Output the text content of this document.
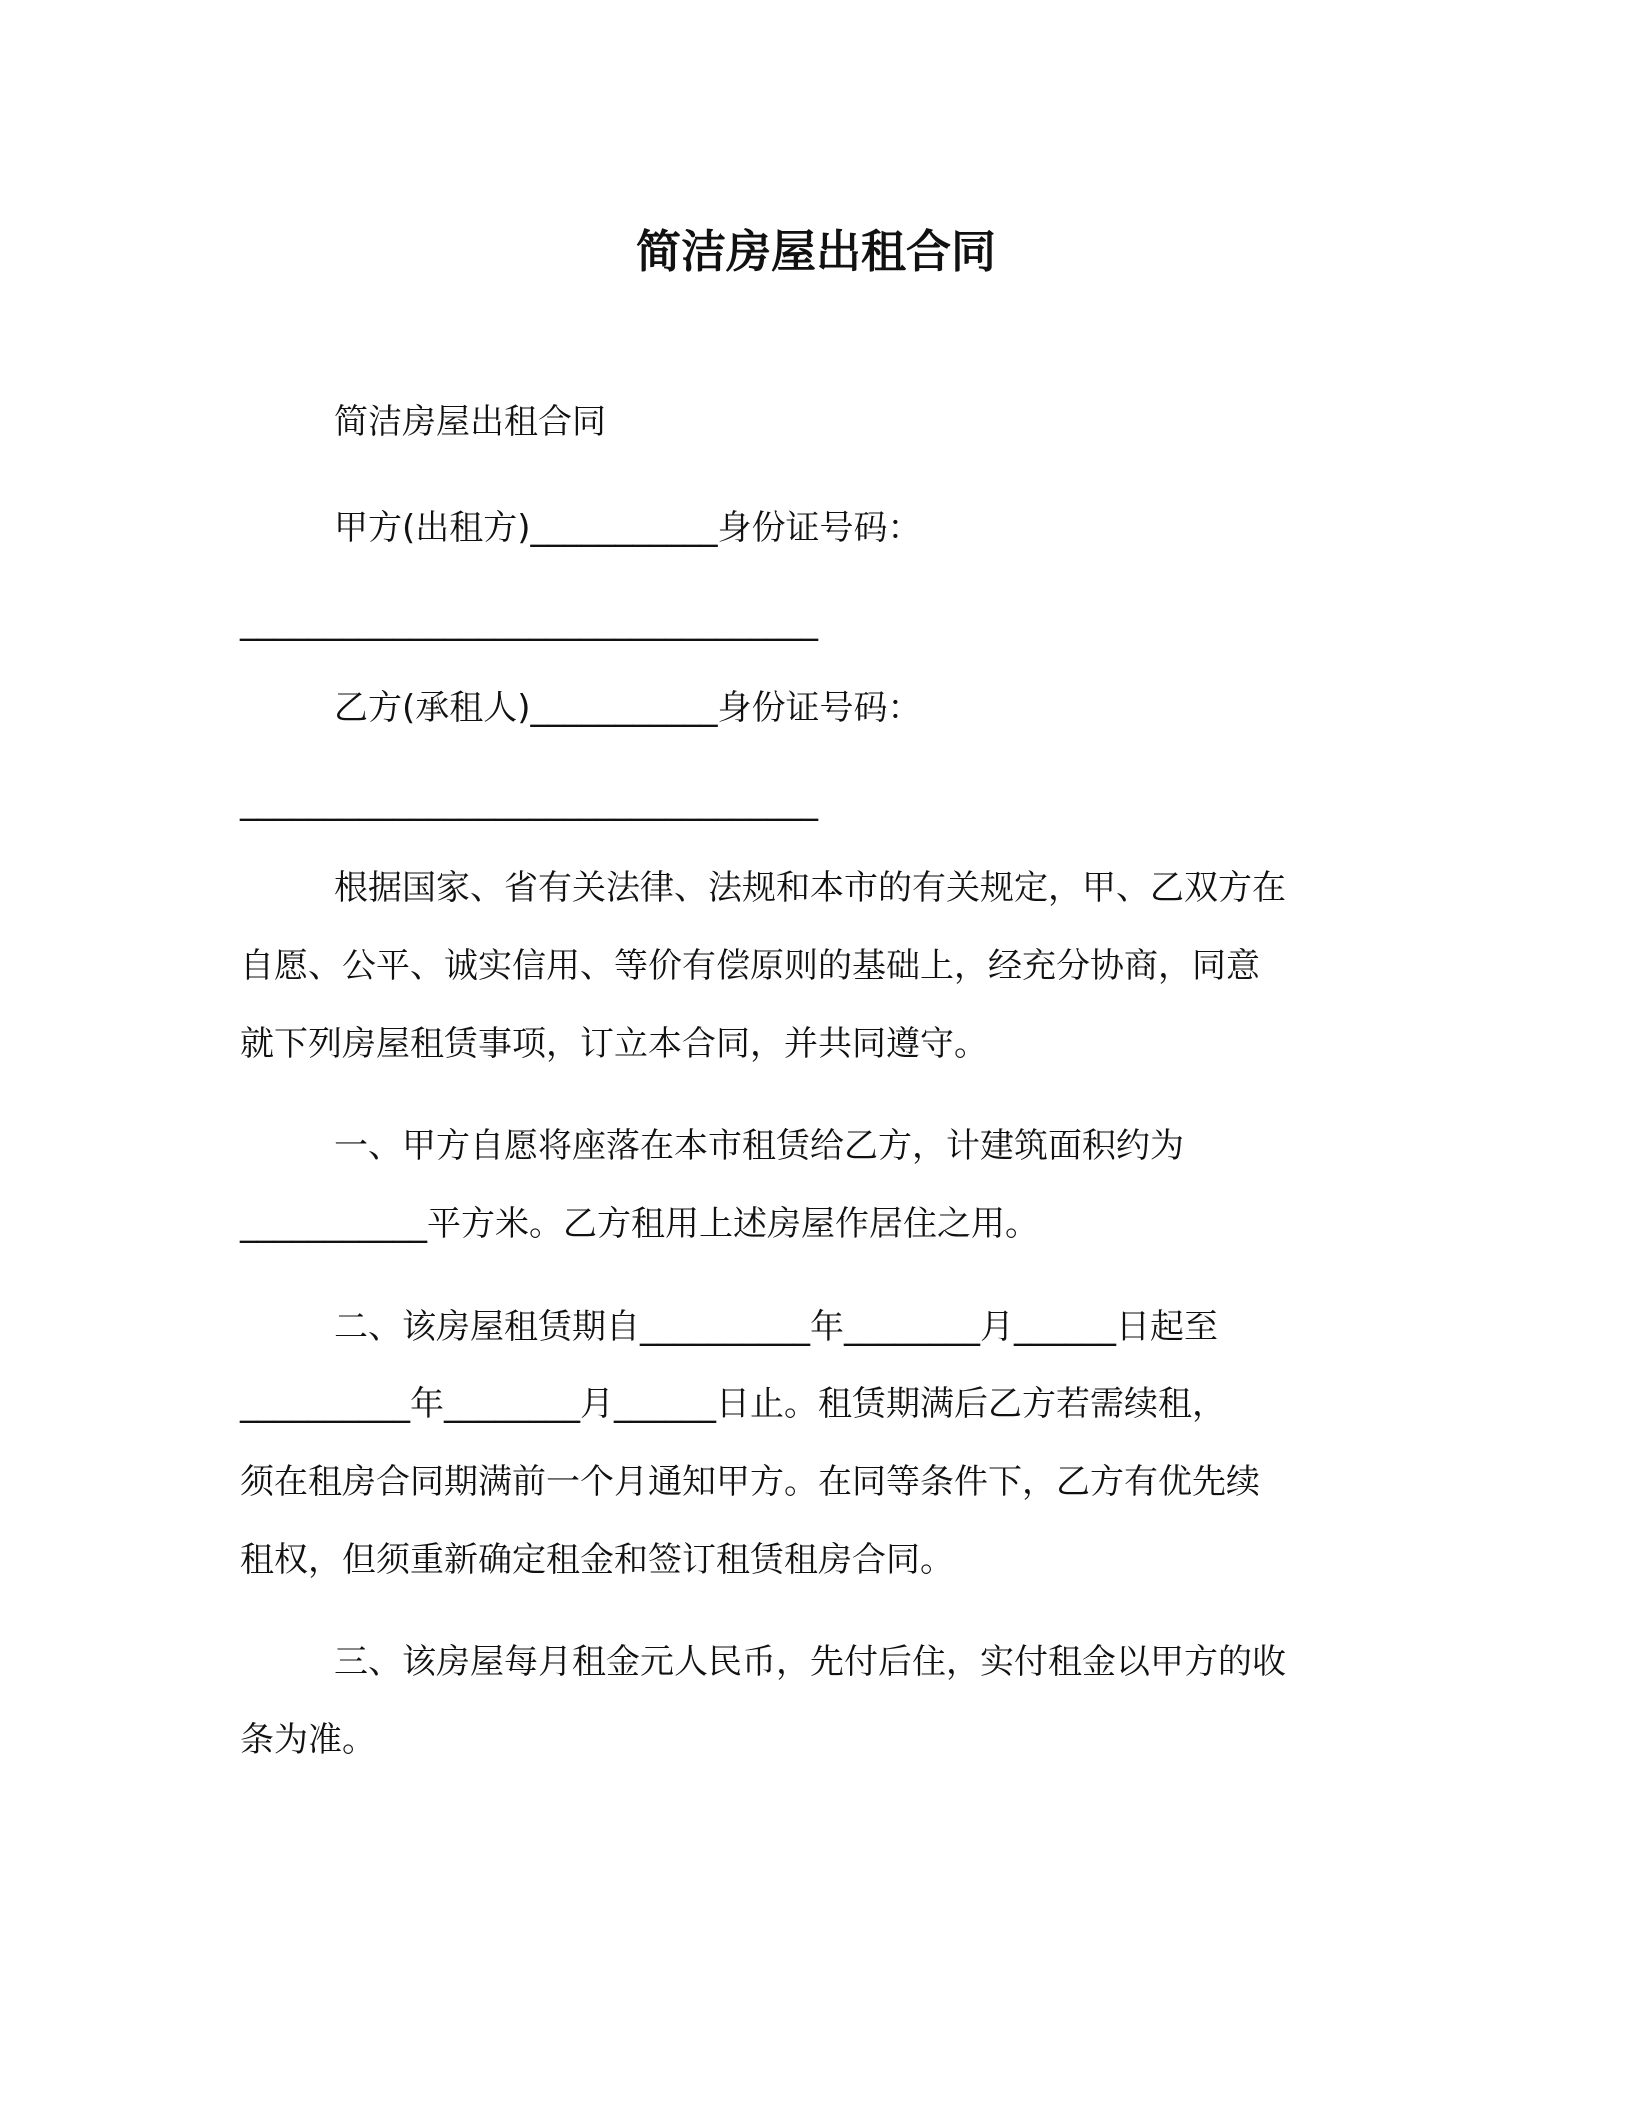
简洁房屋出租合同
简洁房屋出租合同
甲方(出租方)___________身份证号码：
__________________________________
乙方(承租人)___________身份证号码：
__________________________________
根据国家、省有关法律、法规和本市的有关规定，甲、乙双方在
自愿、公平、诚实信用、等价有偿原则的基础上，经充分协商，同意
就下列房屋租赁事项，订立本合同，并共同遵守。
一、甲方自愿将座落在本市租赁给乙方，计建筑面积约为
___________平方米。乙方租用上述房屋作居住之用。
二、该房屋租赁期自__________年________月______日起至
__________年________月______日止。租赁期满后乙方若需续租，
须在租房合同期满前一个月通知甲方。在同等条件下，乙方有优先续
租权，但须重新确定租金和签订租赁租房合同。
三、该房屋每月租金元人民币，先付后住，实付租金以甲方的收
条为准。
